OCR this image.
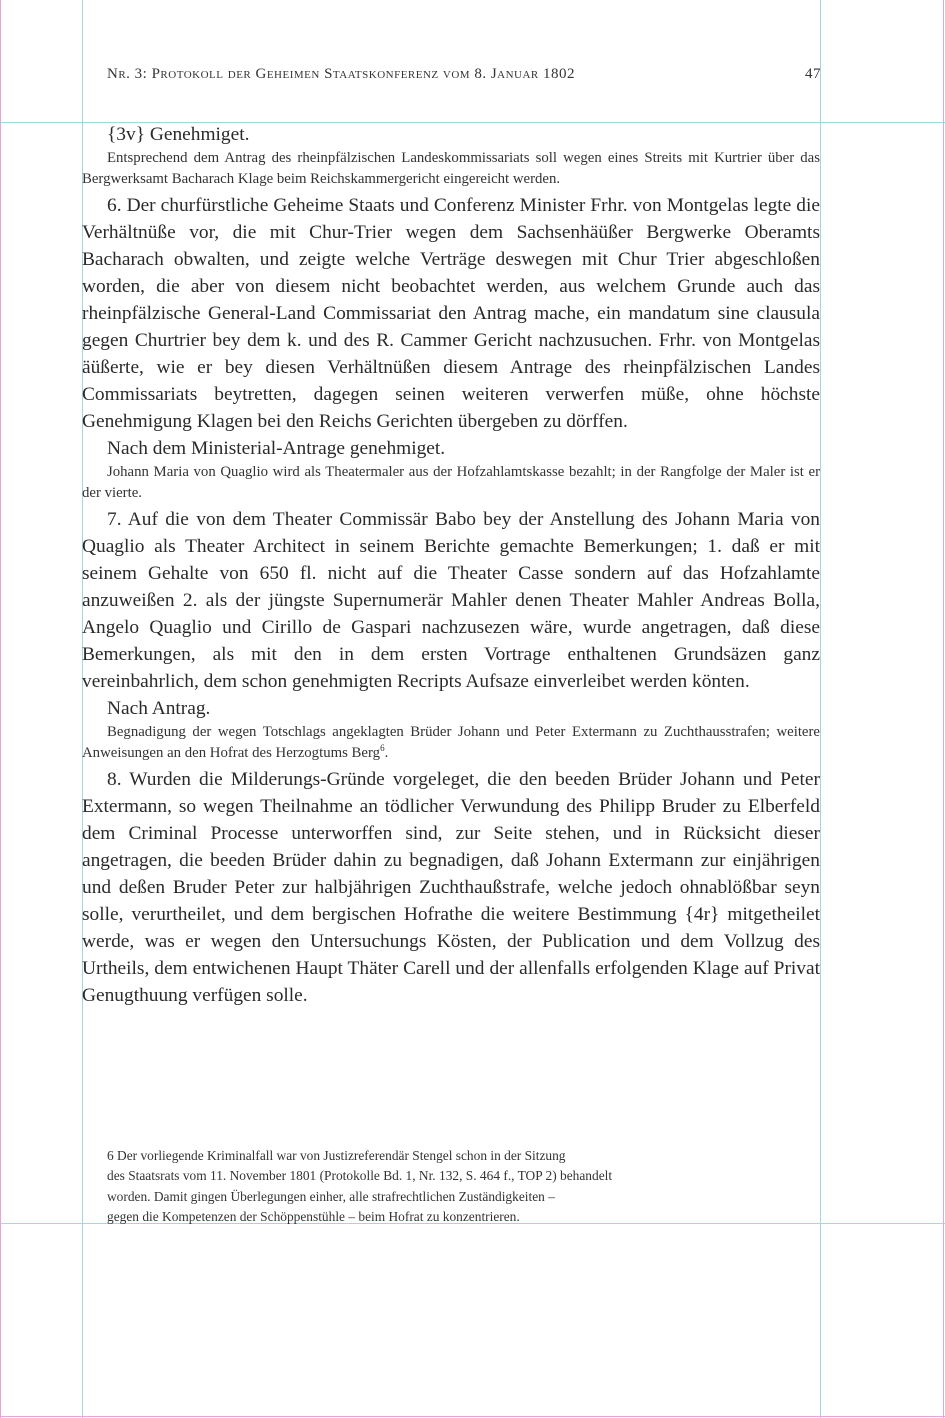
Nr. 3: Protokoll der Geheimen Staatskonferenz vom 8. Januar 1802	47

{3v} Genehmiget.

Entsprechend dem Antrag des rheinpfälzischen Landeskommissariats soll wegen eines Streits mit Kurtrier über das Bergwerksamt Bacharach Klage beim Reichskammergericht eingereicht werden.

6. Der churfürstliche Geheime Staats und Conferenz Minister Frhr. von Montgelas legte die Verhältnüße vor, die mit Chur-Trier wegen dem Sachsenhäüßer Bergwerke Oberamts Bacharach obwalten, und zeigte welche Verträge deswegen mit Chur Trier abgeschloßen worden, die aber von diesem nicht beobachtet werden, aus welchem Grunde auch das rheinpfälzische General-Land Commissariat den Antrag mache, ein mandatum sine clausula gegen Churtrier bey dem k. und des R. Cammer Gericht nachzusuchen. Frhr. von Montgelas äüßerte, wie er bey diesen Verhältnüßen diesem Antrage des rheinpfälzischen Landes Commissariats beytretten, dagegen seinen weiteren verwerfen müße, ohne höchste Genehmigung Klagen bei den Reichs Gerichten übergeben zu dörffen.

Nach dem Ministerial-Antrage genehmiget.

Johann Maria von Quaglio wird als Theatermaler aus der Hofzahlamtskasse bezahlt; in der Rangfolge der Maler ist er der vierte.

7. Auf die von dem Theater Commissär Babo bey der Anstellung des Johann Maria von Quaglio als Theater Architect in seinem Berichte gemachte Bemerkungen; 1. daß er mit seinem Gehalte von 650 fl. nicht auf die Theater Casse sondern auf das Hofzahlamte anzuweißen 2. als der jüngste Supernumerär Mahler denen Theater Mahler Andreas Bolla, Angelo Quaglio und Cirillo de Gaspari nachzusezen wäre, wurde angetragen, daß diese Bemerkungen, als mit den in dem ersten Vortrage enthaltenen Grundsäzen ganz vereinbahrlich, dem schon genehmigten Recripts Aufsaze einverleibet werden könten.

Nach Antrag.

Begnadigung der wegen Totschlags angeklagten Brüder Johann und Peter Extermann zu Zuchthausstrafen; weitere Anweisungen an den Hofrat des Herzogtums Berg$^6$.

8. Wurden die Milderungs-Gründe vorgeleget, die den beeden Brüder Johann und Peter Extermann, so wegen Theilnahme an tödlicher Verwundung des Philipp Bruder zu Elberfeld dem Criminal Processe unterworffen sind, zur Seite stehen, und in Rücksicht dieser angetragen, die beeden Brüder dahin zu begnadigen, daß Johann Extermann zur einjährigen und deßen Bruder Peter zur halbjährigen Zuchthaußstrafe, welche jedoch ohnablößbar seyn solle, verurtheilet, und dem bergischen Hofrathe die weitere Bestimmung {4r} mitgetheilet werde, was er wegen den Untersuchungs Kösten, der Publication und dem Vollzug des Urtheils, dem entwichenen Haupt Thäter Carell und der allenfalls erfolgenden Klage auf Privat Genugthuung verfügen solle.

6 Der vorliegende Kriminalfall war von Justizreferendär Stengel schon in der Sitzung

des Staatsrats vom 11. November 1801 (Protokolle Bd. 1, Nr. 132, S. 464 f., TOP 2) behandelt

worden. Damit gingen Überlegungen einher, alle strafrechtlichen Zuständigkeiten –

gegen die Kompetenzen der Schöppenstühle – beim Hofrat zu konzentrieren.
